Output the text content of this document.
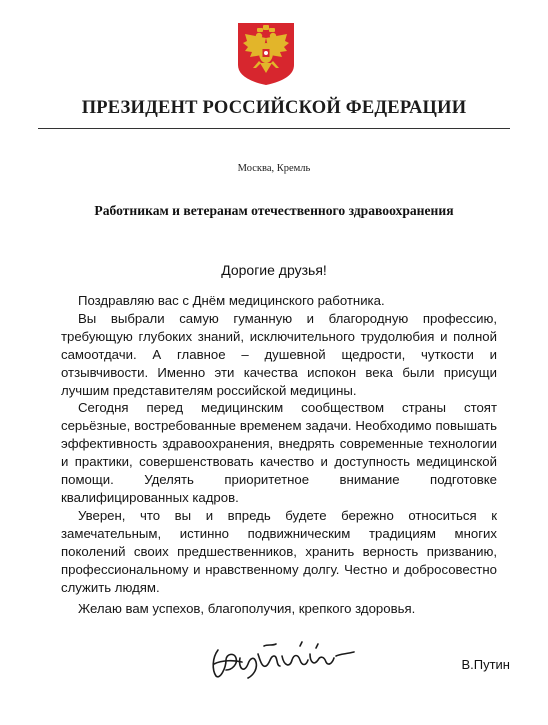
ПРЕЗИДЕНТ РОССИЙСКОЙ ФЕДЕРАЦИИ
Москва, Кремль
Работникам и ветеранам отечественного здравоохранения
Дорогие друзья!

Поздравляю вас с Днём медицинского работника.

Вы выбрали самую гуманную и благородную профессию, требующую глубоких знаний, исключительного трудолюбия и полной самоотдачи. А главное – душевной щедрости, чуткости и отзывчивости. Именно эти качества испокон века были присущи лучшим представителям российской медицины.

Сегодня перед медицинским сообществом страны стоят серьёзные, востребованные временем задачи. Необходимо повышать эффективность здравоохранения, внедрять современные технологии и практики, совершенствовать качество и доступность медицинской помощи. Уделять приоритетное внимание подготовке квалифицированных кадров.

Уверен, что вы и впредь будете бережно относиться к замечательным, истинно подвижническим традициям многих поколений своих предшественников, хранить верность призванию, профессиональному и нравственному долгу. Честно и добросовестно служить людям.

Желаю вам успехов, благополучия, крепкого здоровья.
В.Путин
